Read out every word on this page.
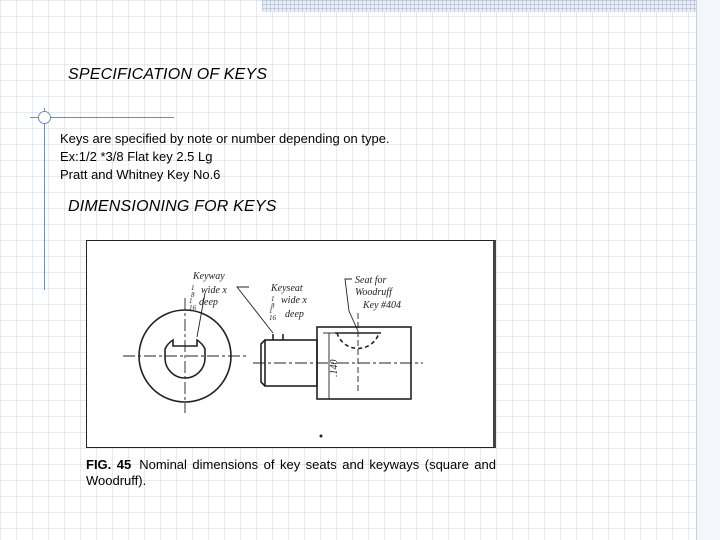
SPECIFICATION OF KEYS
Keys are specified by note or number depending on type.
Ex:1/2 *3/8 Flat key 2.5 Lg
Pratt and Whitney Key No.6
DIMENSIONING FOR KEYS
Keyway
1
8 wide x
1
16 deep
Keyseat
1
8 wide x
1
16 deep
Seat for
Woodruff
Key #404
.140
FIG. 45 Nominal dimensions of key seats and keyways (square and Woodruff).
